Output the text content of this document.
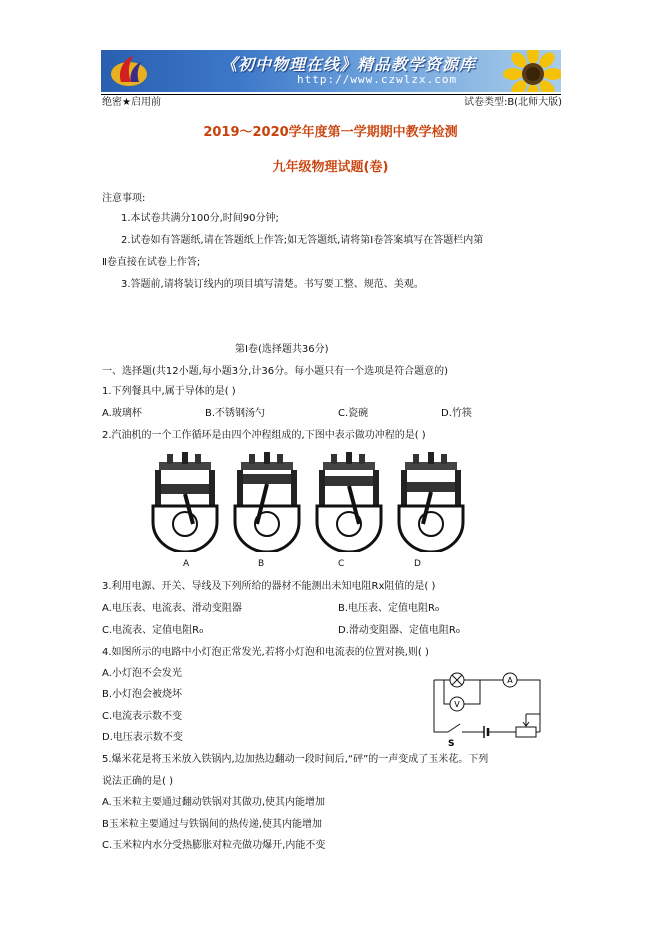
《初中物理在线》精品教学资源库
http://www.czwlzx.com
绝密★启用前	试卷类型:B(北师大版)
2019～2020学年度第一学期期中教学检测
九年级物理试题(卷)
注意事项:
1.本试卷共满分100分,时间90分钟;
2.试卷如有答题纸,请在答题纸上作答;如无答题纸,请将第Ⅰ卷答案填写在答题栏内第
Ⅱ卷直接在试卷上作答;
3.答题前,请将装订线内的项目填写清楚。书写要工整、规范、美观。
第Ⅰ卷(选择题共36分)
一、选择题(共12小题,每小题3分,计36分。每小题只有一个选项是符合题意的)
1.下列餐具中,属于导体的是( )
A.玻璃杯	B.不锈钢汤勺	C.瓷碗	D.竹筷
2.汽油机的一个工作循环是由四个冲程组成的,下图中表示做功冲程的是( )
A	B	C	D
3.利用电源、开关、导线及下列所给的器材不能测出未知电阻Rx阻值的是( )
A.电压表、电流表、滑动变阻器	B.电压表、定值电阻R₀
C.电流表、定值电阻R₀	D.滑动变阻器、定值电阻R₀
4.如图所示的电路中小灯泡正常发光,若将小灯泡和电流表的位置对换,则( )
A.小灯泡不会发光
B.小灯泡会被烧坏
C.电流表示数不变
D.电压表示数不变
A
V
S
5.爆米花是将玉米放入铁锅内,边加热边翻动一段时间后,“砰”的一声变成了玉米花。下列
说法正确的是( )
A.玉米粒主要通过翻动铁锅对其做功,使其内能增加
B玉米粒主要通过与铁锅间的热传递,使其内能增加
C.玉米粒内水分受热膨胀对粒壳做功爆开,内能不变
